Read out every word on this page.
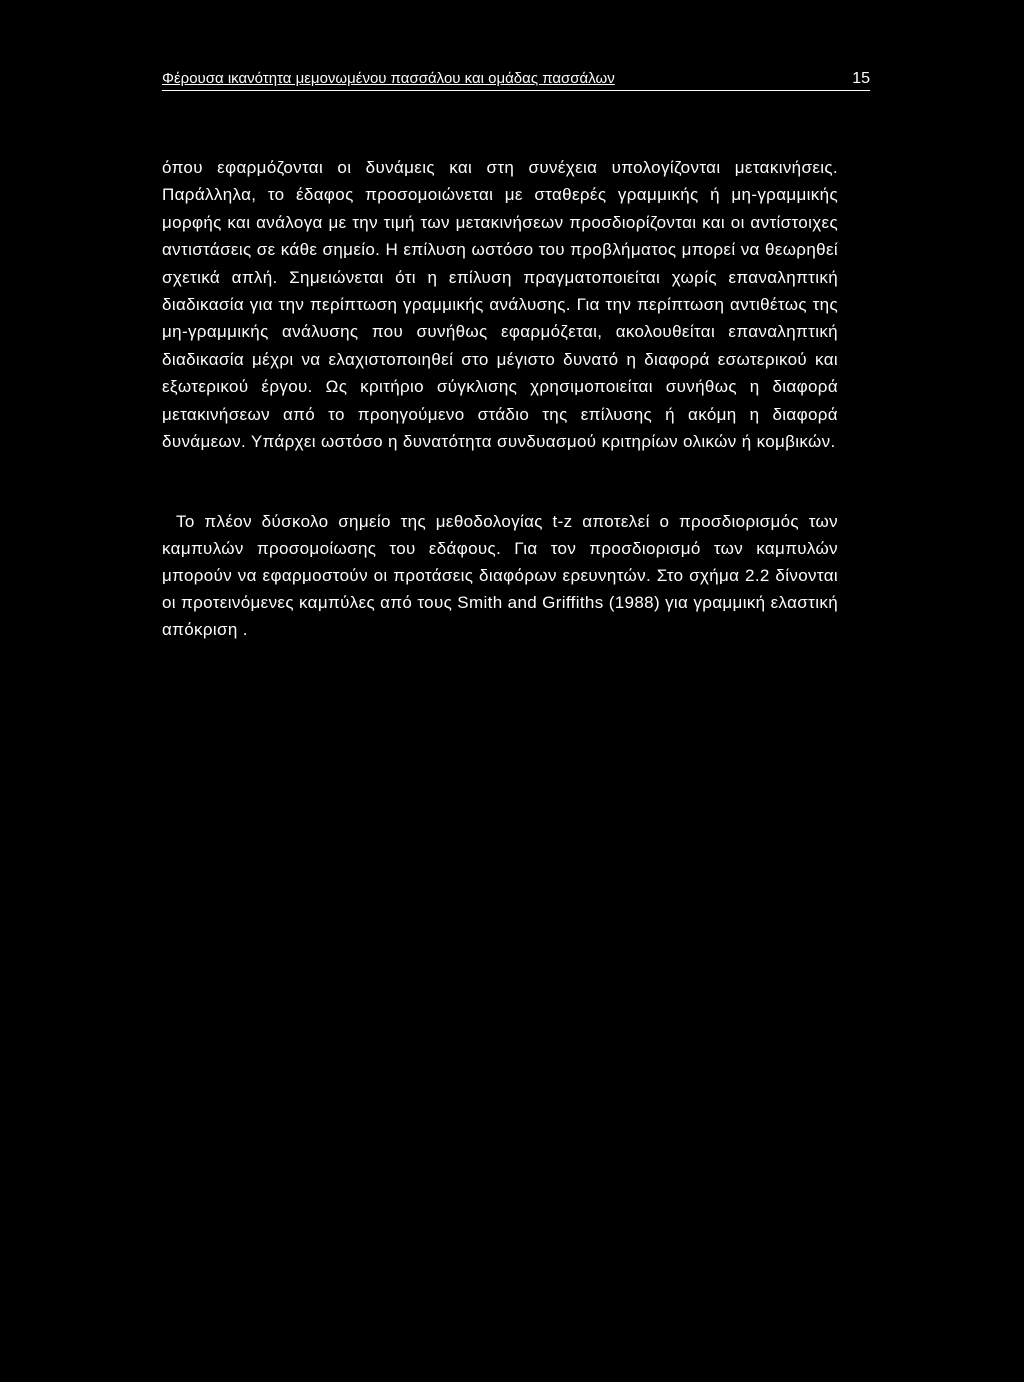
Φέρουσα ικανότητα μεμονωμένου πασσάλου και ομάδας πασσάλων	15

όπου εφαρμόζονται οι δυνάμεις και στη συνέχεια υπολογίζονται μετακινήσεις. Παράλληλα, το έδαφος προσομοιώνεται με σταθερές γραμμικής ή μη-γραμμικής μορφής και ανάλογα με την τιμή των μετακινήσεων προσδιορίζονται και οι αντίστοιχες αντιστάσεις σε κάθε σημείο. Η επίλυση ωστόσο του προβλήματος μπορεί να θεωρηθεί σχετικά απλή. Σημειώνεται ότι η επίλυση πραγματοποιείται χωρίς επαναληπτική διαδικασία για την περίπτωση γραμμικής ανάλυσης. Για την περίπτωση αντιθέτως της μη-γραμμικής ανάλυσης που συνήθως εφαρμόζεται, ακολουθείται επαναληπτική διαδικασία μέχρι να ελαχιστοποιηθεί στο μέγιστο δυνατό η διαφορά εσωτερικού και εξωτερικού έργου. Ως κριτήριο σύγκλισης χρησιμοποιείται συνήθως η διαφορά μετακινήσεων από το προηγούμενο στάδιο της επίλυσης ή ακόμη η διαφορά δυνάμεων. Υπάρχει ωστόσο η δυνατότητα συνδυασμού κριτηρίων ολικών ή κομβικών.

Το πλέον δύσκολο σημείο της μεθοδολογίας t-z αποτελεί ο προσδιορισμός των καμπυλών προσομοίωσης του εδάφους. Για τον προσδιορισμό των καμπυλών μπορούν να εφαρμοστούν οι προτάσεις διαφόρων ερευνητών. Στο σχήμα 2.2 δίνονται οι προτεινόμενες καμπύλες από τους Smith and Griffiths (1988) για γραμμική ελαστική απόκριση .
